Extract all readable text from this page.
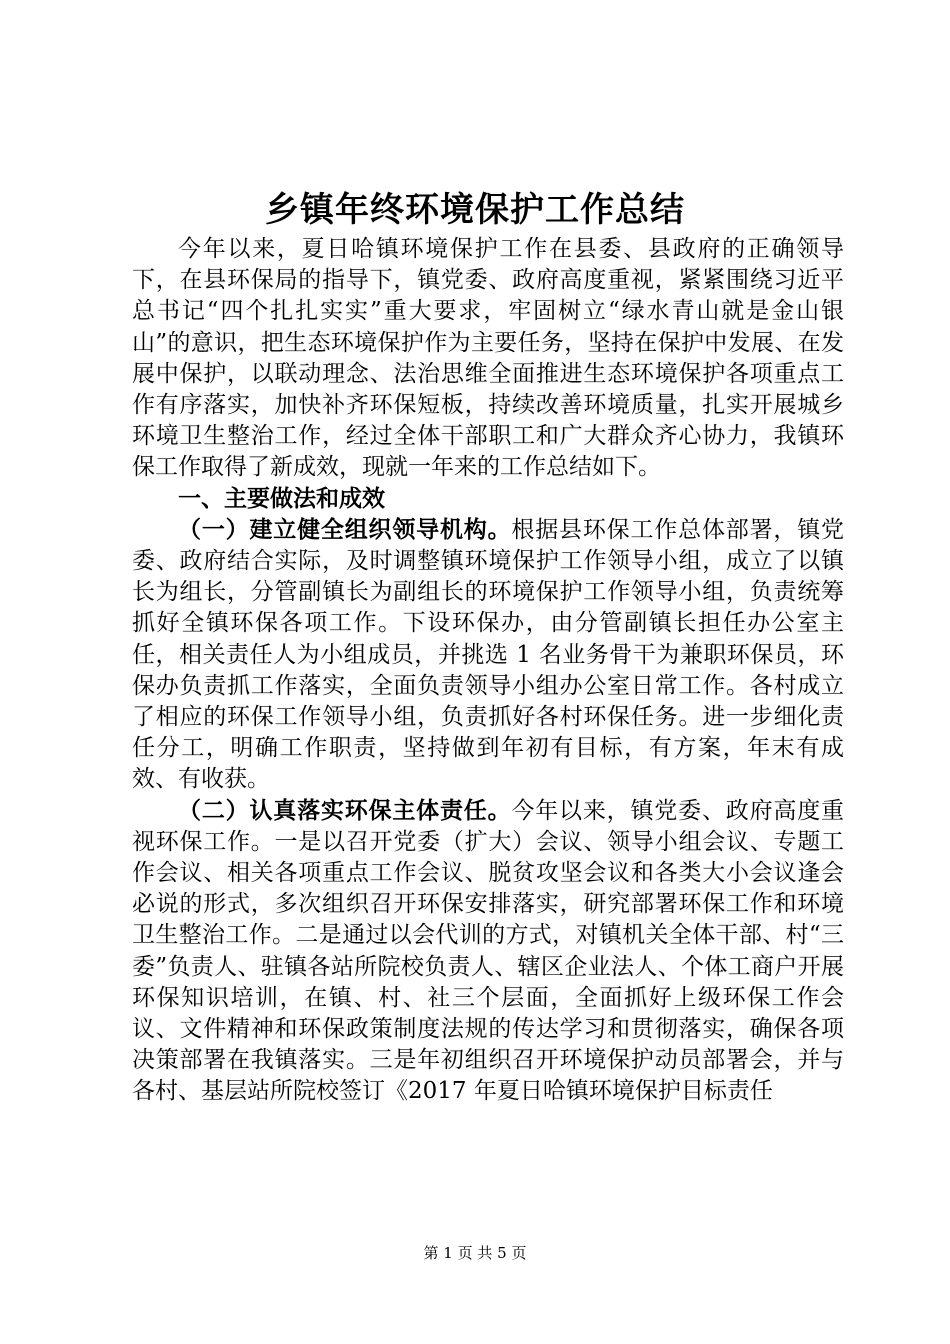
乡镇年终环境保护工作总结

今年以来，夏日哈镇环境保护工作在县委、县政府的正确领导下，在县环保局的指导下，镇党委、政府高度重视，紧紧围绕习近平总书记“四个扎扎实实”重大要求，牢固树立“绿水青山就是金山银山”的意识，把生态环境保护作为主要任务，坚持在保护中发展、在发展中保护，以联动理念、法治思维全面推进生态环境保护各项重点工作有序落实，加快补齐环保短板，持续改善环境质量，扎实开展城乡环境卫生整治工作，经过全体干部职工和广大群众齐心协力，我镇环保工作取得了新成效，现就一年来的工作总结如下。

一、主要做法和成效

（一）建立健全组织领导机构。根据县环保工作总体部署，镇党委、政府结合实际，及时调整镇环境保护工作领导小组，成立了以镇长为组长，分管副镇长为副组长的环境保护工作领导小组，负责统筹抓好全镇环保各项工作。下设环保办，由分管副镇长担任办公室主任，相关责任人为小组成员，并挑选 1 名业务骨干为兼职环保员，环保办负责抓工作落实，全面负责领导小组办公室日常工作。各村成立了相应的环保工作领导小组，负责抓好各村环保任务。进一步细化责任分工，明确工作职责，坚持做到年初有目标，有方案，年末有成效、有收获。

（二）认真落实环保主体责任。今年以来，镇党委、政府高度重视环保工作。一是以召开党委（扩大）会议、领导小组会议、专题工作会议、相关各项重点工作会议、脱贫攻坚会议和各类大小会议逢会必说的形式，多次组织召开环保安排落实，研究部署环保工作和环境卫生整治工作。二是通过以会代训的方式，对镇机关全体干部、村“三委”负责人、驻镇各站所院校负责人、辖区企业法人、个体工商户开展环保知识培训，在镇、村、社三个层面，全面抓好上级环保工作会议、文件精神和环保政策制度法规的传达学习和贯彻落实，确保各项决策部署在我镇落实。三是年初组织召开环境保护动员部署会，并与各村、基层站所院校签订《2017 年夏日哈镇环境保护目标责任

第 1 页 共 5 页
